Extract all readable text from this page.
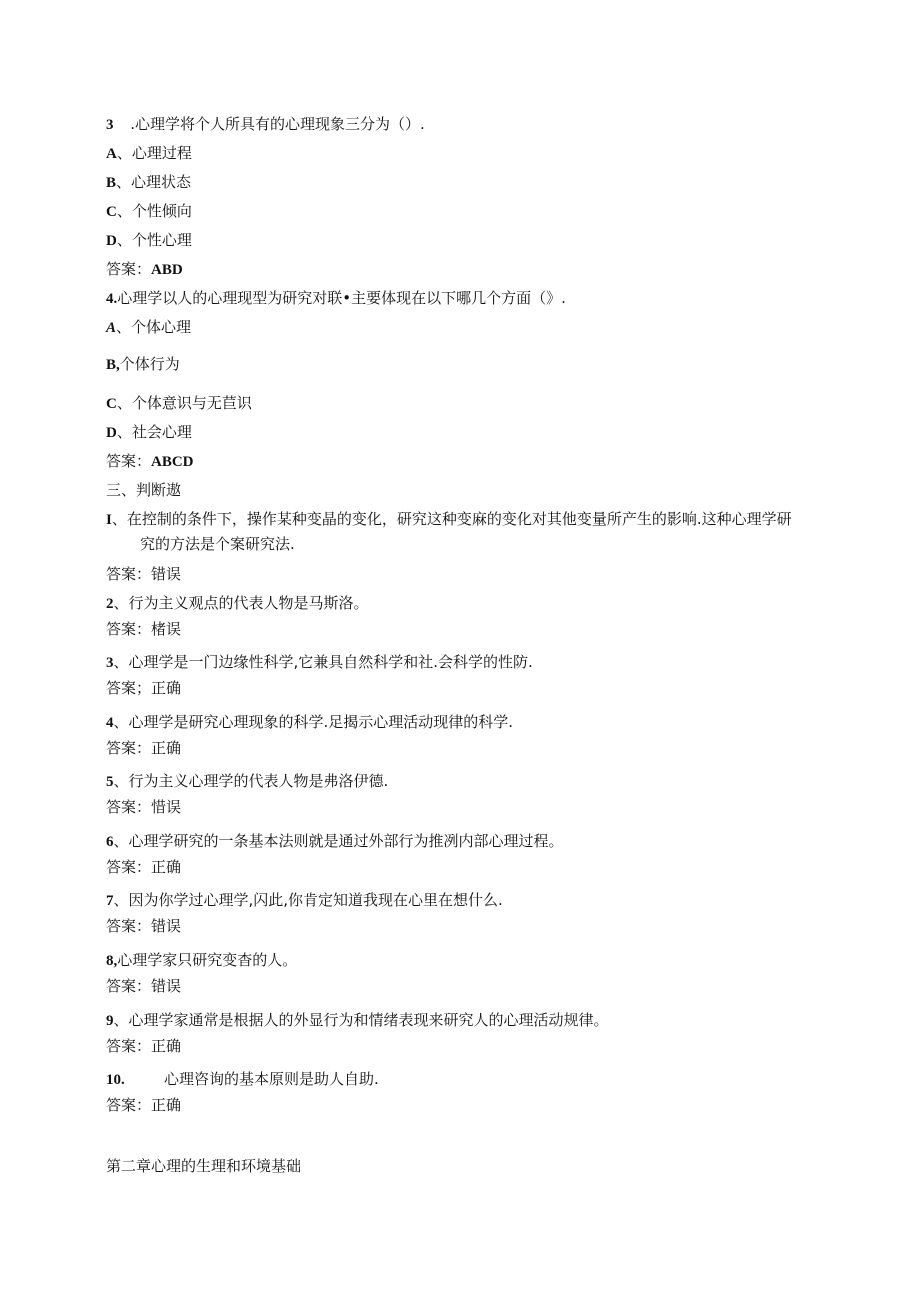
3 .心理学将个人所具有的心理现象三分为（）.
A、心理过程
B、心理状态
C、个性倾向
D、个性心理
答案：ABD
4.心理学以人的心理现型为研究对联•主要体现在以下哪几个方面（》.
A、个体心理
B,个体行为
C、个体意识与无苣识
D、社会心理
答案：ABCD
三、判断遨
I、在控制的条件下，操作某种变晶的变化，研究这种变麻的变化对其他变量所产生的影响.这种心理学研
究的方法是个案研究法.
答案：错误
2、行为主义观点的代表人物是马斯洛。
答案：楮误
3、心理学是一门边缘性科学,它兼具自然科学和社.会科学的性防.
答案；正确
4、心理学是研究心理现象的科学.足揭示心理活动现律的科学.
答案：正确
5、行为主义心理学的代表人物是弗洛伊德.
答案：惜误
6、心理学研究的一条基本法则就是通过外部行为推冽内部心理过程。
答案：正确
7、因为你学过心理学,闪此,你肯定知道我现在心里在想什么.
答案：错误
8,心理学家只研究变杳的人。
答案：错误
9、心理学家通常是根据人的外显行为和情绪表现来研究人的心理活动规律。
答案：正确
10.	心理咨询的基本原则是助人自助.
答案：正确
第二章心理的生理和环境基础
